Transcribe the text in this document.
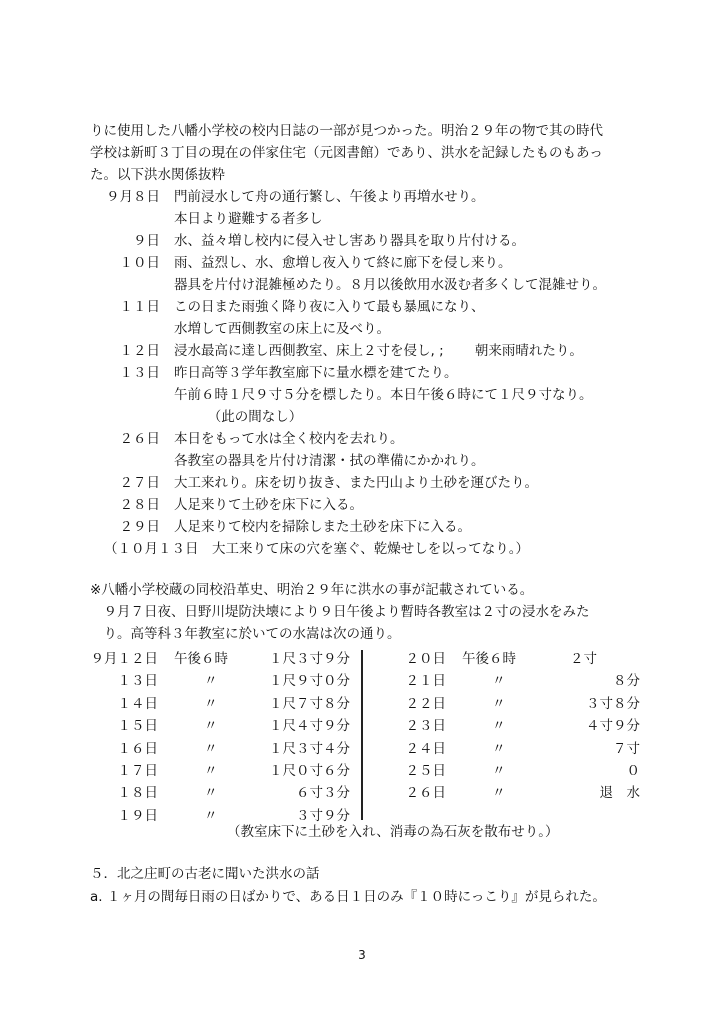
りに使用した八幡小学校の校内日誌の一部が見つかった。明治２９年の物で其の時代
学校は新町３丁目の現在の伴家住宅（元図書館）であり、洪水を記録したものもあっ
た。以下洪水関係抜粋
９月８日 門前浸水して舟の通行繁し、午後より再増水せり。
本日より避難する者多し
９日 水、益々増し校内に侵入せし害あり器具を取り片付ける。
１０日 雨、益烈し、水、愈増し夜入りて終に廊下を侵し来り。
器具を片付け混雑極めたり。８月以後飲用水汲む者多くして混雑せり。
１１日 この日また雨強く降り夜に入りて最も暴風になり、
水増して西側教室の床上に及べり。
１２日 浸水最高に達し西側教室、床上２寸を侵し, ;　　 朝来雨晴れたり。
１３日 昨日高等３学年教室廊下に量水標を建てたり。
午前６時１尺９寸５分を標したり。本日午後６時にて１尺９寸なり。
　　　（此の間なし）
２６日 本日をもって水は全く校内を去れり。
各教室の器具を片付け清潔・拭の準備にかかれり。
２７日 大工来れり。床を切り抜き、また円山より土砂を運びたり。
２８日 人足来りて土砂を床下に入る。
２９日 人足来りて校内を掃除しまた土砂を床下に入る。
（１０月１３日　大工来りて床の穴を塞ぐ、乾燥せしを以ってなり。）
※八幡小学校蔵の同校沿革史、明治２９年に洪水の事が記載されている。
　９月７日夜、日野川堤防決壊により９日午後より暫時各教室は２寸の浸水をみた
　り。高等科３年教室に於いての水嵩は次の通り。
９月１２日 午後６時	１尺３寸９分
１３日	〃	１尺９寸０分
１４日	〃	１尺７寸８分
１５日	〃	１尺４寸９分
１６日	〃	１尺３寸４分
１７日	〃	１尺０寸６分
１８日	〃	６寸３分
１９日	〃	３寸９分
２０日 午後６時	２寸
２１日	〃	８分
２２日	〃	３寸８分
２３日	〃	４寸９分
２４日	〃	７寸
２５日	〃	０
２６日	〃	退　水
（教室床下に土砂を入れ、消毒の為石灰を散布せり。）
５．北之庄町の古老に聞いた洪水の話
a. １ヶ月の間毎日雨の日ばかりで、ある日１日のみ『１０時にっこり』が見られた。
3
